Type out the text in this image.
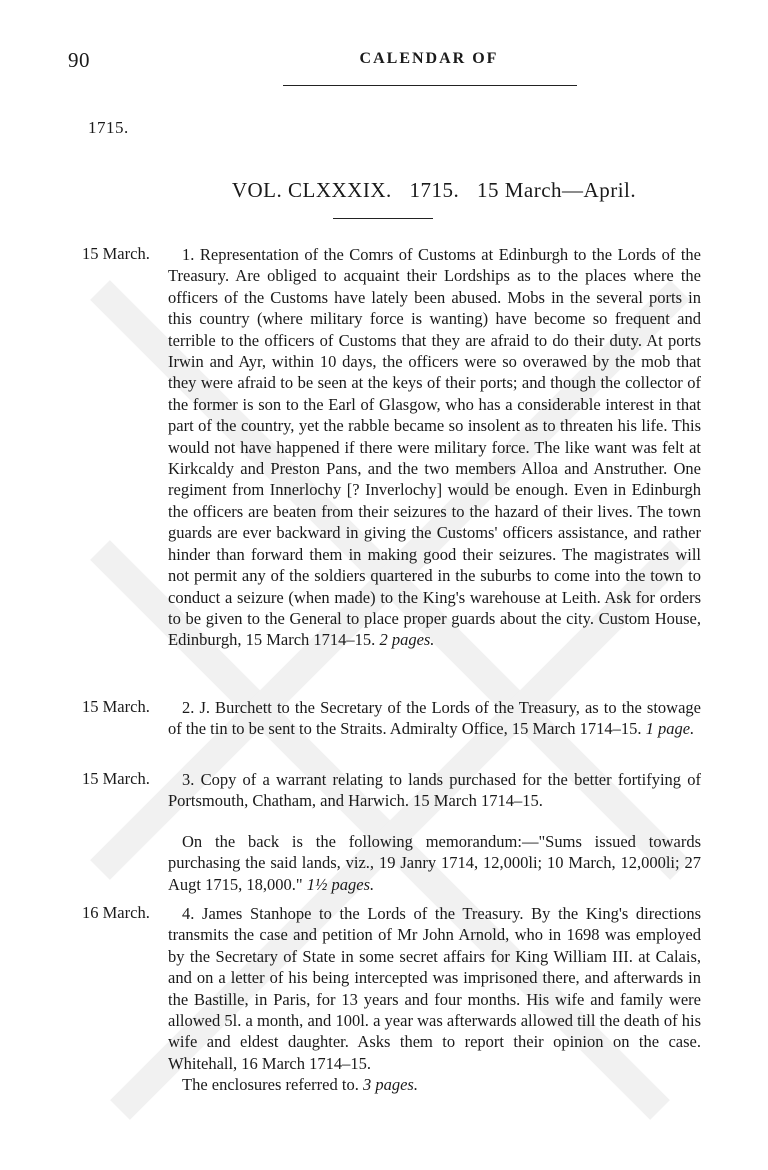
90	CALENDAR OF
1715.
VOL. CLXXXIX. 1715. 15 March—April.
15 March.	1. Representation of the Comrs of Customs at Edinburgh to the Lords of the Treasury. Are obliged to acquaint their Lordships as to the places where the officers of the Customs have lately been abused. Mobs in the several ports in this country (where military force is wanting) have become so frequent and terrible to the officers of Customs that they are afraid to do their duty. At ports Irwin and Ayr, within 10 days, the officers were so overawed by the mob that they were afraid to be seen at the keys of their ports; and though the collector of the former is son to the Earl of Glasgow, who has a considerable interest in that part of the country, yet the rabble became so insolent as to threaten his life. This would not have happened if there were military force. The like want was felt at Kirkcaldy and Preston Pans, and the two members Alloa and Anstruther. One regiment from Innerlochy [? Inverlochy] would be enough. Even in Edinburgh the officers are beaten from their seizures to the hazard of their lives. The town guards are ever backward in giving the Customs' officers assistance, and rather hinder than forward them in making good their seizures. The magistrates will not permit any of the soldiers quartered in the suburbs to come into the town to conduct a seizure (when made) to the King's warehouse at Leith. Ask for orders to be given to the General to place proper guards about the city. Custom House, Edinburgh, 15 March 1714–15. 2 pages.

15 March.	2. J. Burchett to the Secretary of the Lords of the Treasury, as to the stowage of the tin to be sent to the Straits. Admiralty Office, 15 March 1714–15. 1 page.

15 March.	3. Copy of a warrant relating to lands purchased for the better fortifying of Portsmouth, Chatham, and Harwich. 15 March 1714–15.

On the back is the following memorandum:—"Sums issued towards purchasing the said lands, viz., 19 Janry 1714, 12,000li; 10 March, 12,000li; 27 Augt 1715, 18,000." 1½ pages.

16 March.	4. James Stanhope to the Lords of the Treasury. By the King's directions transmits the case and petition of Mr John Arnold, who in 1698 was employed by the Secretary of State in some secret affairs for King William III. at Calais, and on a letter of his being intercepted was imprisoned there, and afterwards in the Bastille, in Paris, for 13 years and four months. His wife and family were allowed 5l. a month, and 100l. a year was afterwards allowed till the death of his wife and eldest daughter. Asks them to report their opinion on the case. Whitehall, 16 March 1714–15.

The enclosures referred to. 3 pages.
